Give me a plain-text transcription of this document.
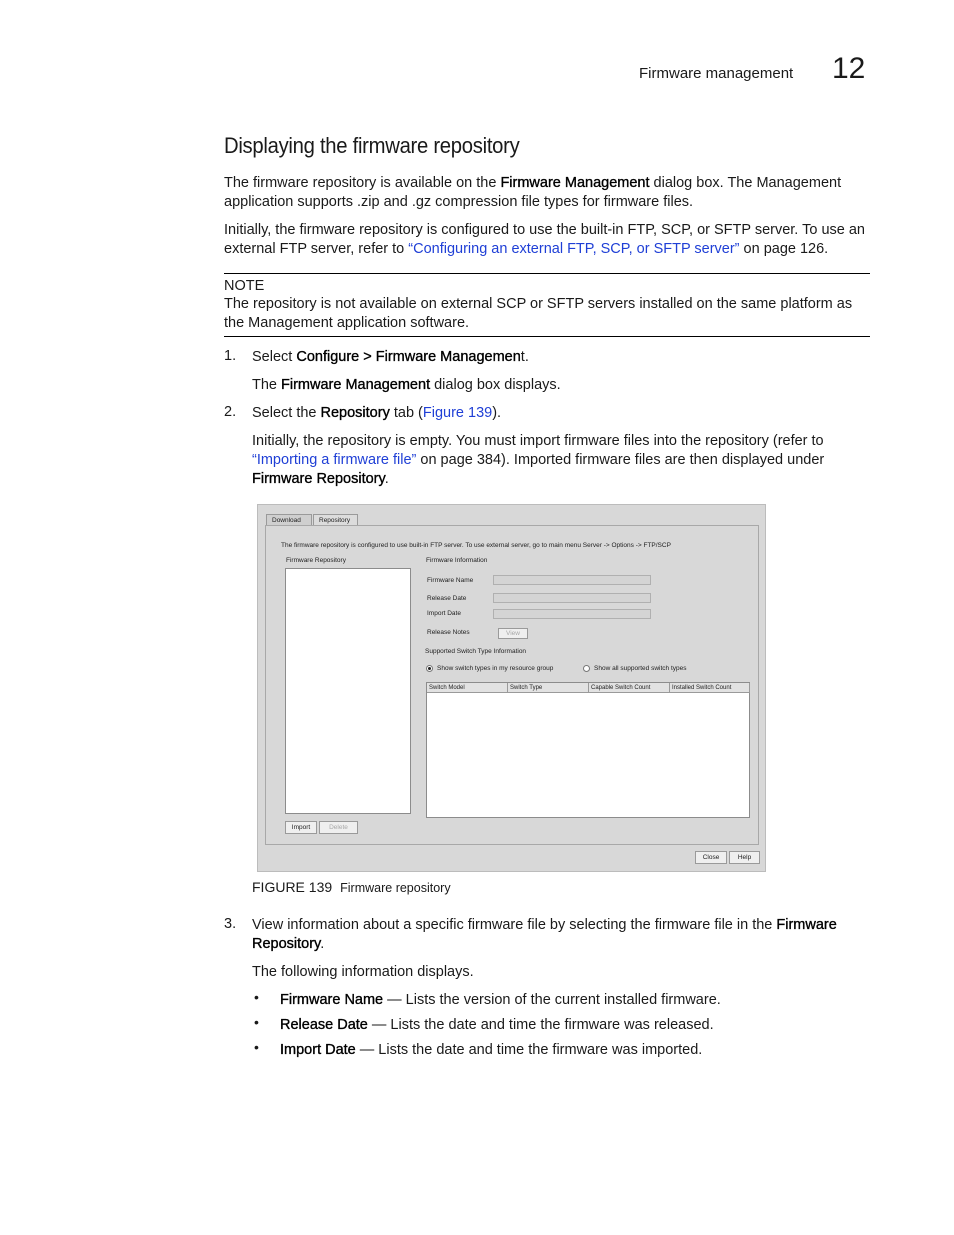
Firmware management 12
Displaying the firmware repository
The firmware repository is available on the Firmware Management dialog box. The Management
application supports .zip and .gz compression file types for firmware files.
Initially, the firmware repository is configured to use the built-in FTP, SCP, or SFTP server. To use an
external FTP server, refer to “Configuring an external FTP, SCP, or SFTP server” on page 126.
NOTE
The repository is not available on external SCP or SFTP servers installed on the same platform as
the Management application software.
1. Select Configure > Firmware Management.
The Firmware Management dialog box displays.
2. Select the Repository tab (Figure 139).
Initially, the repository is empty. You must import firmware files into the repository (refer to
“Importing a firmware file” on page 384). Imported firmware files are then displayed under
Firmware Repository.
Download	Repository
The firmware repository is configured to use built-in FTP server. To use external server, go to main menu Server -> Options -> FTP/SCP
Firmware Repository
Import	Delete
Firmware Information
Firmware Name
Release Date
Import Date
Release Notes	View
Supported Switch Type Information
Show switch types in my resource group	Show all supported switch types
Switch Model	Switch Type	Capable Switch Count	Installed Switch Count
Close	Help
FIGURE 139 Firmware repository
3. View information about a specific firmware file by selecting the firmware file in the Firmware
Repository.
The following information displays.
• Firmware Name — Lists the version of the current installed firmware.
• Release Date — Lists the date and time the firmware was released.
• Import Date — Lists the date and time the firmware was imported.
